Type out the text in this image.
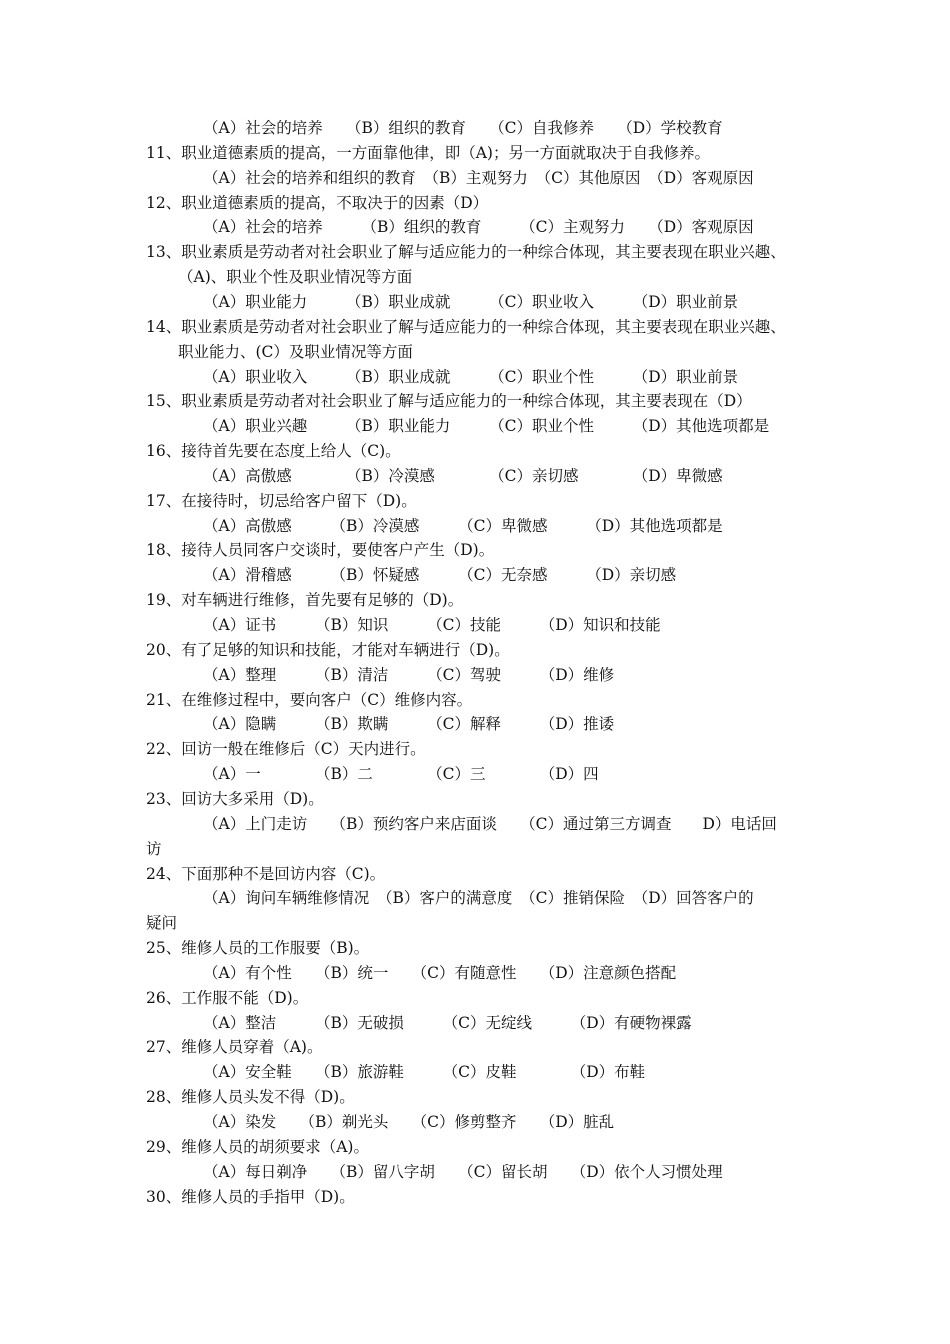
（A）社会的培养　　（B）组织的教育　　（C）自我修养　　（D）学校教育
11、职业道德素质的提高，一方面靠他律，即（A)；另一方面就取决于自我修养。
（A）社会的培养和组织的教育　（B）主观努力　（C）其他原因　（D）客观原因
12、职业道德素质的提高，不取决于的因素（D）
（A）社会的培养　　　（B）组织的教育　　　（C）主观努力　　（D）客观原因
13、职业素质是劳动者对社会职业了解与适应能力的一种综合体现，其主要表现在职业兴趣、
（A)、职业个性及职业情况等方面
（A）职业能力　　　（B）职业成就　　　（C）职业收入　　　（D）职业前景
14、职业素质是劳动者对社会职业了解与适应能力的一种综合体现，其主要表现在职业兴趣、
职业能力、(C）及职业情况等方面
（A）职业收入　　　（B）职业成就　　　（C）职业个性　　　（D）职业前景
15、职业素质是劳动者对社会职业了解与适应能力的一种综合体现，其主要表现在（D）
（A）职业兴趣　　　（B）职业能力　　　（C）职业个性　　　（D）其他选项都是
16、接待首先要在态度上给人（C)。
（A）高傲感　　　　（B）冷漠感　　　　（C）亲切感　　　　（D）卑微感
17、在接待时，切忌给客户留下（D)。
（A）高傲感　　　（B）冷漠感　　　（C）卑微感　　　（D）其他选项都是
18、接待人员同客户交谈时，要使客户产生（D)。
（A）滑稽感　　　（B）怀疑感　　　（C）无奈感　　　（D）亲切感
19、对车辆进行维修，首先要有足够的（D)。
（A）证书　　　（B）知识　　　（C）技能　　　（D）知识和技能
20、有了足够的知识和技能，才能对车辆进行（D)。
（A）整理　　　（B）清洁　　　（C）驾驶　　　（D）维修
21、在维修过程中，要向客户（C）维修内容。
（A）隐瞒　　　（B）欺瞒　　　（C）解释　　　（D）推诿
22、回访一般在维修后（C）天内进行。
（A）一　　　　（B）二　　　　（C）三　　　　（D）四
23、回访大多采用（D)。
（A）上门走访　　（B）预约客户来店面谈　　（C）通过第三方调查　　D）电话回
访
24、下面那种不是回访内容（C)。
（A）询问车辆维修情况　（B）客户的满意度　（C）推销保险　（D）回答客户的
疑问
25、维修人员的工作服要（B)。
（A）有个性　　（B）统一　　（C）有随意性　　（D）注意颜色搭配
26、工作服不能（D)。
（A）整洁　　　（B）无破损　　　（C）无绽线　　　（D）有硬物裸露
27、维修人员穿着（A)。
（A）安全鞋　　（B）旅游鞋　　　（C）皮鞋　　　　（D）布鞋
28、维修人员头发不得（D)。
（A）染发　　（B）剃光头　　（C）修剪整齐　　（D）脏乱
29、维修人员的胡须要求（A)。
（A）每日剃净　　（B）留八字胡　　（C）留长胡　　（D）依个人习惯处理
30、维修人员的手指甲（D)。
